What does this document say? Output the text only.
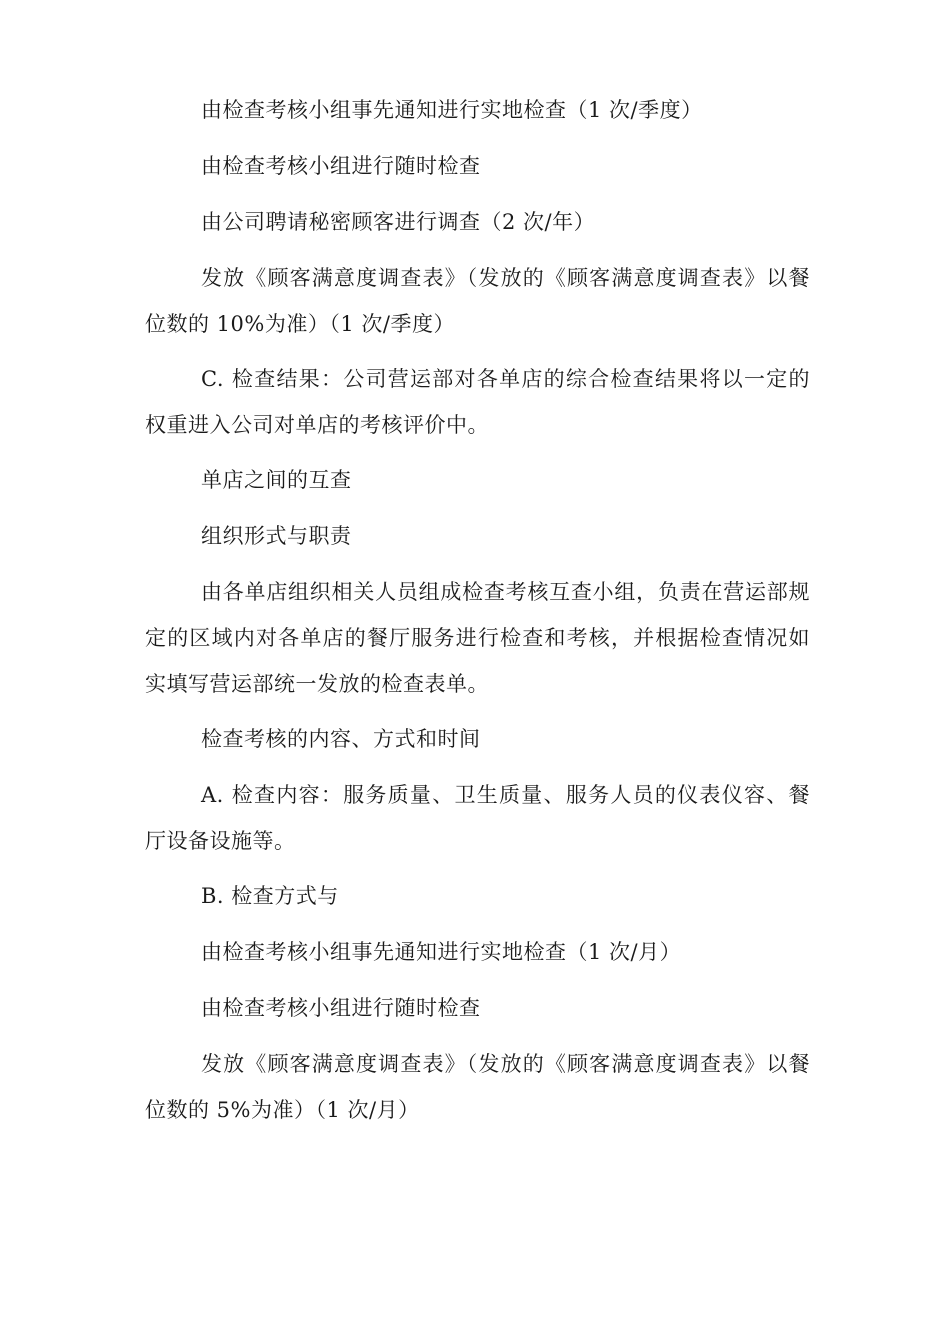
由检查考核小组事先通知进行实地检查（1 次/季度）

由检查考核小组进行随时检查

由公司聘请秘密顾客进行调查（2 次/年）

发放《顾客满意度调查表》（发放的《顾客满意度调查表》以餐位数的 10%为准）（1 次/季度）

C. 检查结果：公司营运部对各单店的综合检查结果将以一定的权重进入公司对单店的考核评价中。

单店之间的互查

组织形式与职责

由各单店组织相关人员组成检查考核互查小组，负责在营运部规定的区域内对各单店的餐厅服务进行检查和考核，并根据检查情况如实填写营运部统一发放的检查表单。

检查考核的内容、方式和时间

A. 检查内容：服务质量、卫生质量、服务人员的仪表仪容、餐厅设备设施等。

B. 检查方式与

由检查考核小组事先通知进行实地检查（1 次/月）

由检查考核小组进行随时检查

发放《顾客满意度调查表》（发放的《顾客满意度调查表》以餐位数的 5%为准）（1 次/月）
